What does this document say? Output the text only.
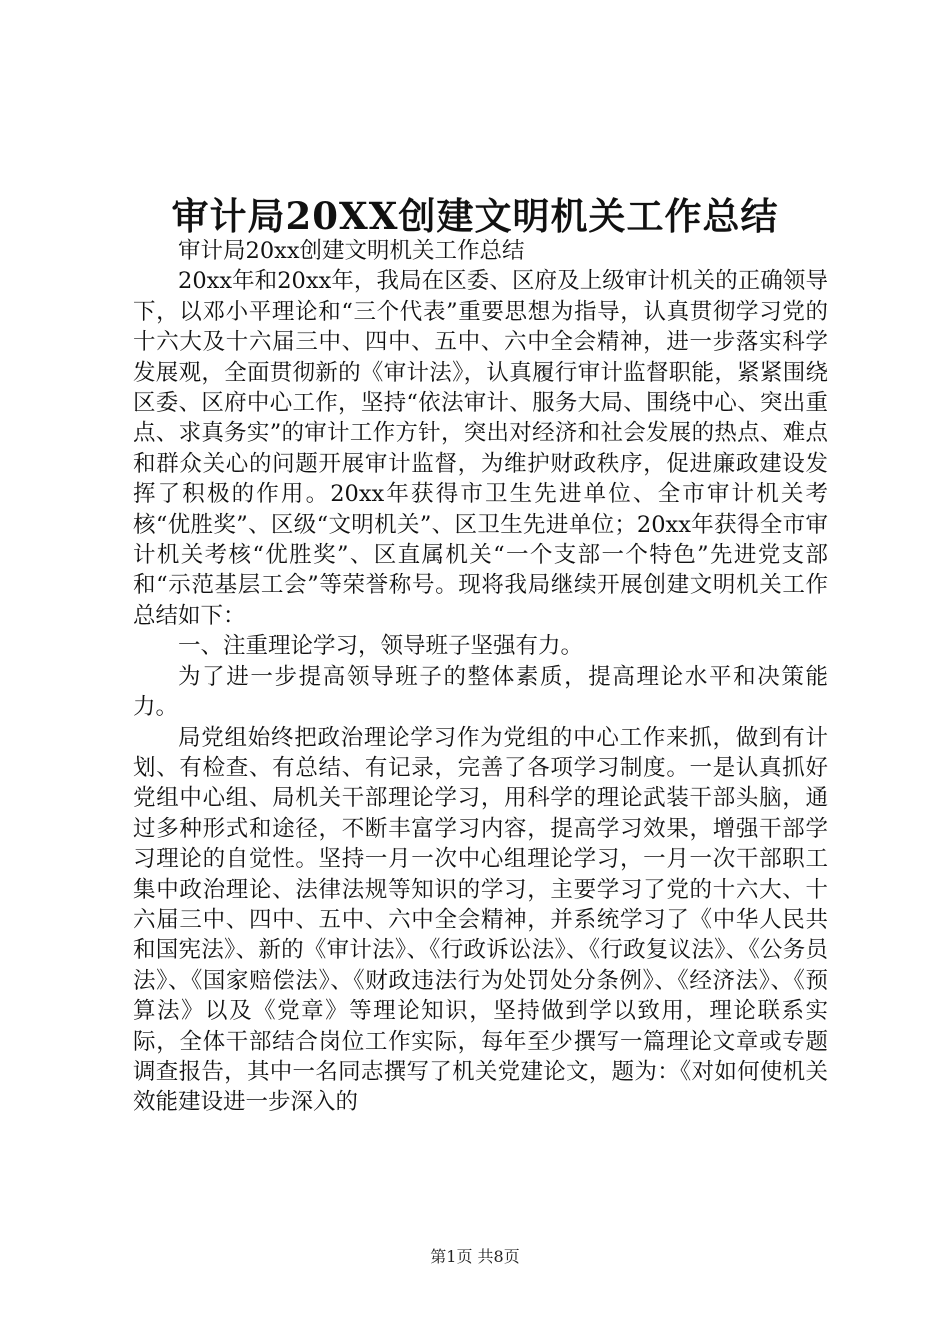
审计局20XX创建文明机关工作总结

审计局20xx创建文明机关工作总结

20xx年和20xx年，我局在区委、区府及上级审计机关的正确领导下，以邓小平理论和“三个代表”重要思想为指导，认真贯彻学习党的十六大及十六届三中、四中、五中、六中全会精神，进一步落实科学发展观，全面贯彻新的《审计法》，认真履行审计监督职能，紧紧围绕区委、区府中心工作，坚持“依法审计、服务大局、围绕中心、突出重点、求真务实”的审计工作方针，突出对经济和社会发展的热点、难点和群众关心的问题开展审计监督，为维护财政秩序，促进廉政建设发挥了积极的作用。20xx年获得市卫生先进单位、全市审计机关考核“优胜奖”、区级“文明机关”、区卫生先进单位；20xx年获得全市审计机关考核“优胜奖”、区直属机关“一个支部一个特色”先进党支部和“示范基层工会”等荣誉称号。现将我局继续开展创建文明机关工作总结如下：

一、注重理论学习，领导班子坚强有力。

为了进一步提高领导班子的整体素质，提高理论水平和决策能力。

局党组始终把政治理论学习作为党组的中心工作来抓，做到有计划、有检查、有总结、有记录，完善了各项学习制度。一是认真抓好党组中心组、局机关干部理论学习，用科学的理论武装干部头脑，通过多种形式和途径，不断丰富学习内容，提高学习效果，增强干部学习理论的自觉性。坚持一月一次中心组理论学习，一月一次干部职工集中政治理论、法律法规等知识的学习，主要学习了党的十六大、十六届三中、四中、五中、六中全会精神，并系统学习了《中华人民共和国宪法》、新的《审计法》、《行政诉讼法》、《行政复议法》、《公务员法》、《国家赔偿法》、《财政违法行为处罚处分条例》、《经济法》、《预算法》以及《党章》等理论知识，坚持做到学以致用，理论联系实际，全体干部结合岗位工作实际，每年至少撰写一篇理论文章或专题调查报告，其中一名同志撰写了机关党建论文，题为：《对如何使机关效能建设进一步深入的

第1页 共8页
